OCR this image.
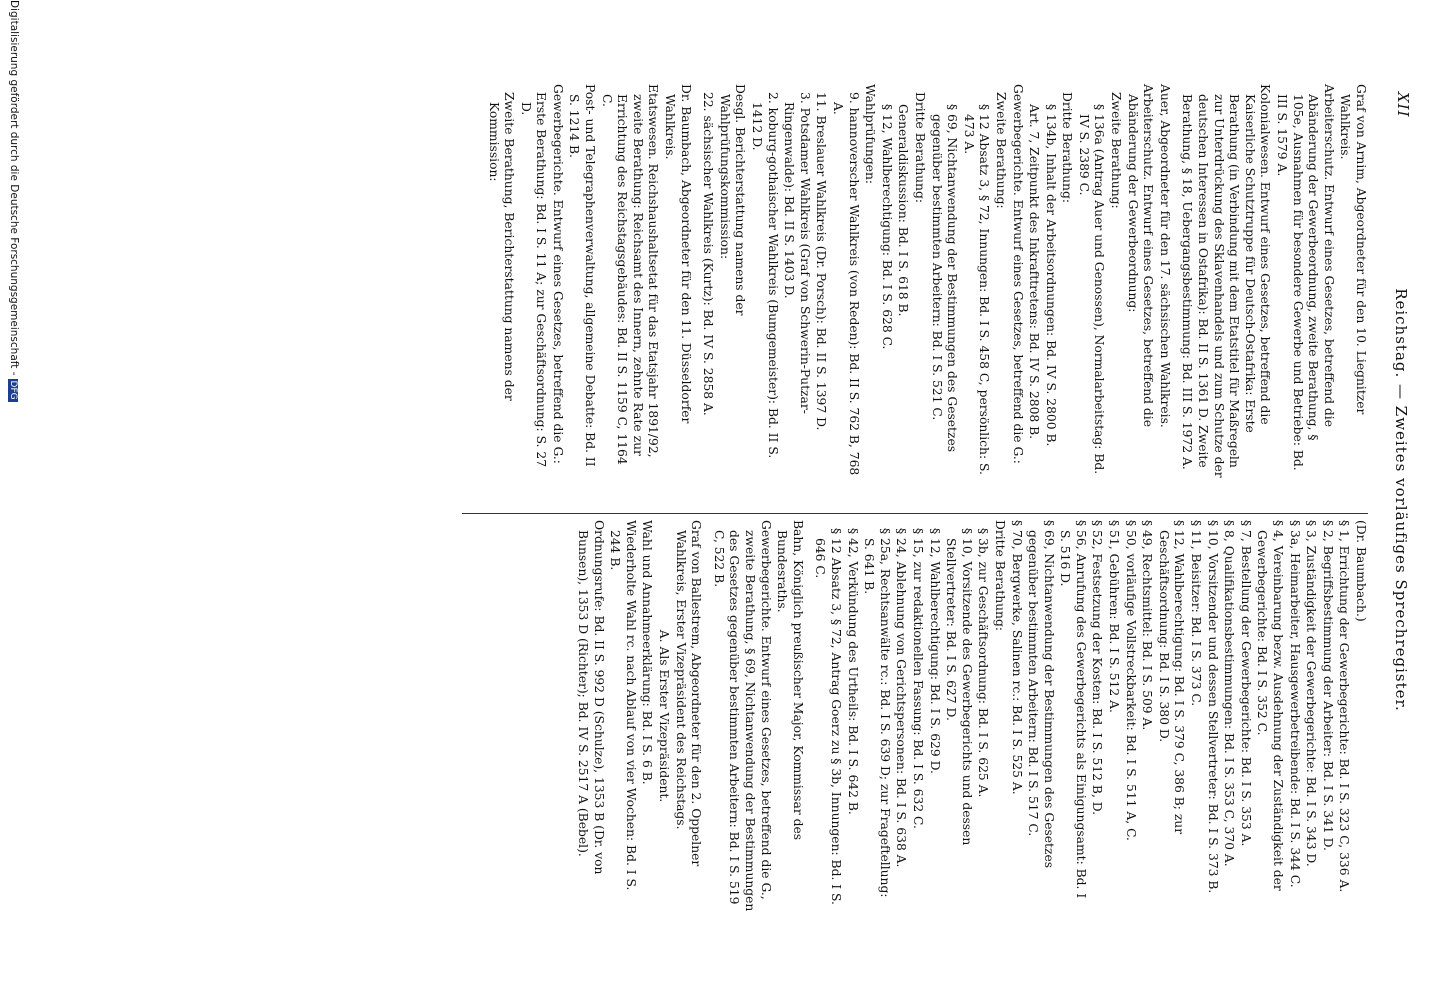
XII
Reichstag. — Zweites vorläufiges Sprechregister.
Graf von Arnim, Abgeordneter für den 10. Liegnitzer Wahlkreis.
Arbeiterschutz. Entwurf eines Gesetzes, betreffend die Abänderung der Gewerbeordnung, zweite Berathung, § 105e, Ausnahmen für besondere Gewerbe und Betriebe: Bd. III S. 1579 A.
Kolonialwesen. Entwurf eines Gesetzes, betreffend die Kaiserliche Schutztruppe für Deutsch-Ostafrika: Erste Berathung (in Verbindung mit dem Etatstitel für Maßregeln zur Unterdrückung des Sklavenhandels und zum Schutze der deutschen Interessen in Ostafrika): Bd. II S. 1361 D. Zweite Berathung, § 18, Uebergangsbestimmung: Bd. III S. 1972 A.
Auer, Abgeordneter für den 17. sächsischen Wahlkreis.
Arbeiterschutz. Entwurf eines Gesetzes, betreffend die Abänderung der Gewerbeordnung:
Zweite Berathung:
§ 136a (Antrag Auer und Genossen), Normalarbeitstag: Bd. IV S. 2389 C.
Dritte Berathung:
§ 134b, Inhalt der Arbeitsordnungen: Bd. IV S. 2800 B.
Art. 7, Zeitpunkt des Inkrafttretens: Bd. IV S. 2808 B.
Gewerbegerichte. Entwurf eines Gesetzes, betreffend die G.:
Zweite Berathung:
§ 12 Absatz 3, § 72, Innungen: Bd. I S. 458 C, persönlich: S. 473 A.
§ 69, Nichtanwendung der Bestimmungen des Gesetzes gegenüber bestimmten Arbeitern: Bd. I S. 521 C.
Dritte Berathung:
Generaldiskussion: Bd. I S. 618 B.
§ 12, Wahlberechtigung: Bd. I S. 628 C.
Wahlprüfungen:
9. hannoverscher Wahlkreis (von Reden): Bd. II S. 762 B, 768 A.
11. Breslauer Wahlkreis (Dr. Porsch): Bd. II S. 1397 D.
3. Potsdamer Wahlkreis (Graf von Schwerin-Putzar-Ringenwalde): Bd. II S. 1403 D.
2. koburg-gothaischer Wahlkreis (Bumgemeister): Bd. II S. 1412 D.
Desgl. Berichterstattung namens der Wahlprüfungskommission:
22. sächsischer Wahlkreis (Kurtz): Bd. IV S. 2858 A.
Dr. Baumbach, Abgeordneter für den 11. Düsseldorfer Wahlkreis.
Etatswesen. Reichshaushaltsetat für das Etatsjahr 1891/92, zweite Berathung: Reichsamt des Innern, zehnte Rate zur Errichtung des Reichstagsgebäudes: Bd. II S. 1159 C, 1164 C.
Post- und Telegraphenverwaltung, allgemeine Debatte: Bd. II S. 1214 B.
Gewerbegerichte. Entwurf eines Gesetzes, betreffend die G.:
Erste Berathung: Bd. I S. 11 A; zur Geschäftsordnung: S. 27 D.
Zweite Berathung, Berichterstattung namens der Kommission:
(Dr. Baumbach.)
§ 1, Errichtung der Gewerbegerichte: Bd. I S. 323 C, 336 A.
§ 2, Begriffsbestimmung der Arbeiter: Bd. I S. 341 D.
§ 3, Zuständigkeit der Gewerbegerichte: Bd. I S. 343 D.
§ 3a, Heimarbeiter, Hausgewerbetreibende: Bd. I S. 344 C.
§ 4, Vereinbarung bezw. Ausdehnung der Zuständigkeit der Gewerbegerichte: Bd. I S. 352 C.
§ 7, Bestellung der Gewerbegerichte: Bd. I S. 353 A.
§ 8, Qualifikationsbestimmungen: Bd. I S. 353 C, 370 A.
§ 10, Vorsitzender und dessen Stellvertreter: Bd. I S. 373 B.
§ 11, Beisitzer: Bd. I S. 373 C.
§ 12, Wahlberechtigung: Bd. I S. 379 C, 386 B; zur Geschäftsordnung: Bd. I S. 380 D.
§ 49, Rechtsmittel: Bd. I S. 509 A.
§ 50, vorläufige Vollstreckbarkeit: Bd. I S. 511 A, C.
§ 51, Gebühren: Bd. I S. 512 A.
§ 52, Festsetzung der Kosten: Bd. I S. 512 B, D.
§ 56, Anrufung des Gewerbegerichts als Einigungsamt: Bd. I S. 516 D.
§ 69, Nichtanwendung der Bestimmungen des Gesetzes gegenüber bestimmten Arbeitern: Bd. I S. 517 C.
§ 70, Bergwerke, Salinen rc.: Bd. I S. 525 A.
Dritte Berathung:
§ 3b, zur Geschäftsordnung: Bd. I S. 625 A.
§ 10, Vorsitzende des Gewerbegerichts und dessen Stellvertreter: Bd. I S. 627 D.
§ 12, Wahlberechtigung: Bd. I S. 629 D.
§ 15, zur redaktionellen Fassung: Bd. I S. 632 C.
§ 24, Ablehnung von Gerichtspersonen: Bd. I S. 638 A.
§ 25a, Rechtsanwälte rc.: Bd. I S. 639 D; zur Frageftellung: S. 641 B.
§ 42, Verkündung des Urtheils: Bd. I S. 642 B.
§ 12 Absatz 3, § 72, Antrag Goerz zu § 3b, Innungen: Bd. I S. 646 C.
Bahn, Königlich preußischer Major, Kommissar des Bundesraths.
Gewerbegerichte. Entwurf eines Gesetzes, betreffend die G., zweite Berathung, § 69, Nichtanwendung der Bestimmungen des Gesetzes gegenüber bestimmten Arbeitern: Bd. I S. 519 C, 522 B.
Graf von Ballestrem, Abgeordneter für den 2. Oppelner Wahlkreis, Erster Vizepräsident des Reichstags.
A. Als Erster Vizepräsident.
Wahl und Annahmeerklärung: Bd. I S. 6 B.
Wiederholte Wahl rc. nach Ablauf von vier Wochen: Bd. I S. 244 B.
Ordnungsrufe: Bd. II S. 992 D (Schulze), 1353 B (Dr. von Bunsen), 1353 D (Richter); Bd. IV S. 2517 A (Bebel).
Digitalisierung gefördert durch die Deutsche Forschungsgemeinschaft -DFG
